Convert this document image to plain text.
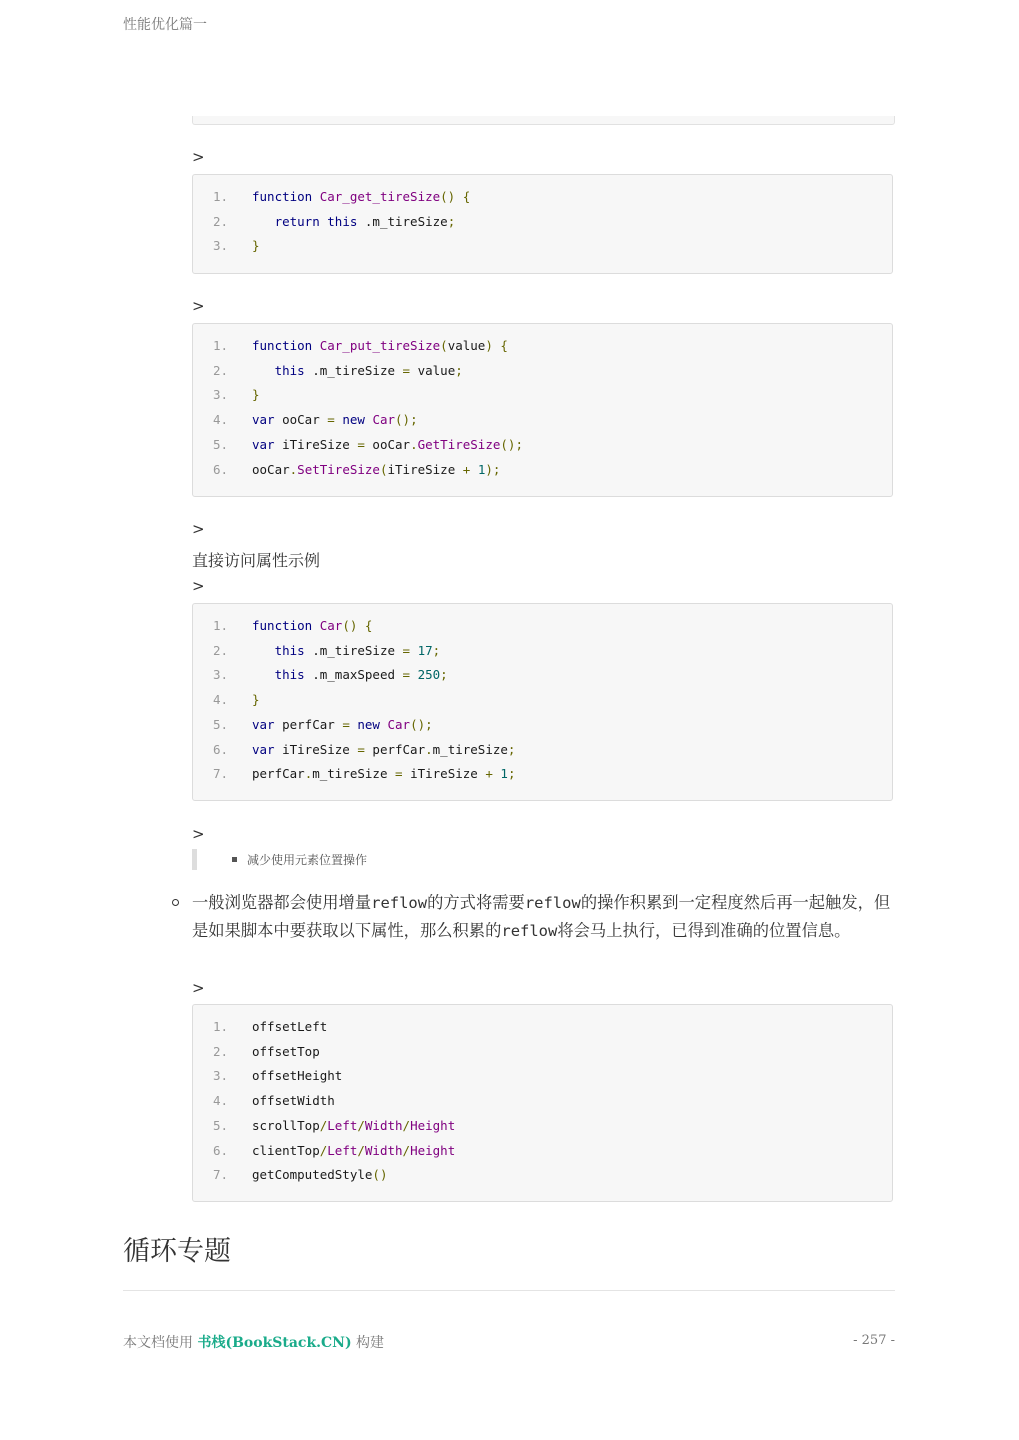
性能优化篇一
>
1. function Car_get_tireSize() {
2. return this .m_tireSize;
3. }
>
1. function Car_put_tireSize(value) {
2. this .m_tireSize = value;
3. }
4. var ooCar = new Car();
5. var iTireSize = ooCar.GetTireSize();
6. ooCar.SetTireSize(iTireSize + 1);
>
直接访问属性示例
>
1. function Car() {
2. this .m_tireSize = 17;
3. this .m_maxSpeed = 250;
4. }
5. var perfCar = new Car();
6. var iTireSize = perfCar.m_tireSize;
7. perfCar.m_tireSize = iTireSize + 1;
>
减少使用元素位置操作
一般浏览器都会使用增量reflow的方式将需要reflow的操作积累到一定程度然后再一起触发，但是如果脚本中要获取以下属性，那么积累的reflow将会马上执行，已得到准确的位置信息。
>
1. offsetLeft
2. offsetTop
3. offsetHeight
4. offsetWidth
5. scrollTop/Left/Width/Height
6. clientTop/Left/Width/Height
7. getComputedStyle()
循环专题
本文档使用 书栈(BookStack.CN) 构建	- 257 -
